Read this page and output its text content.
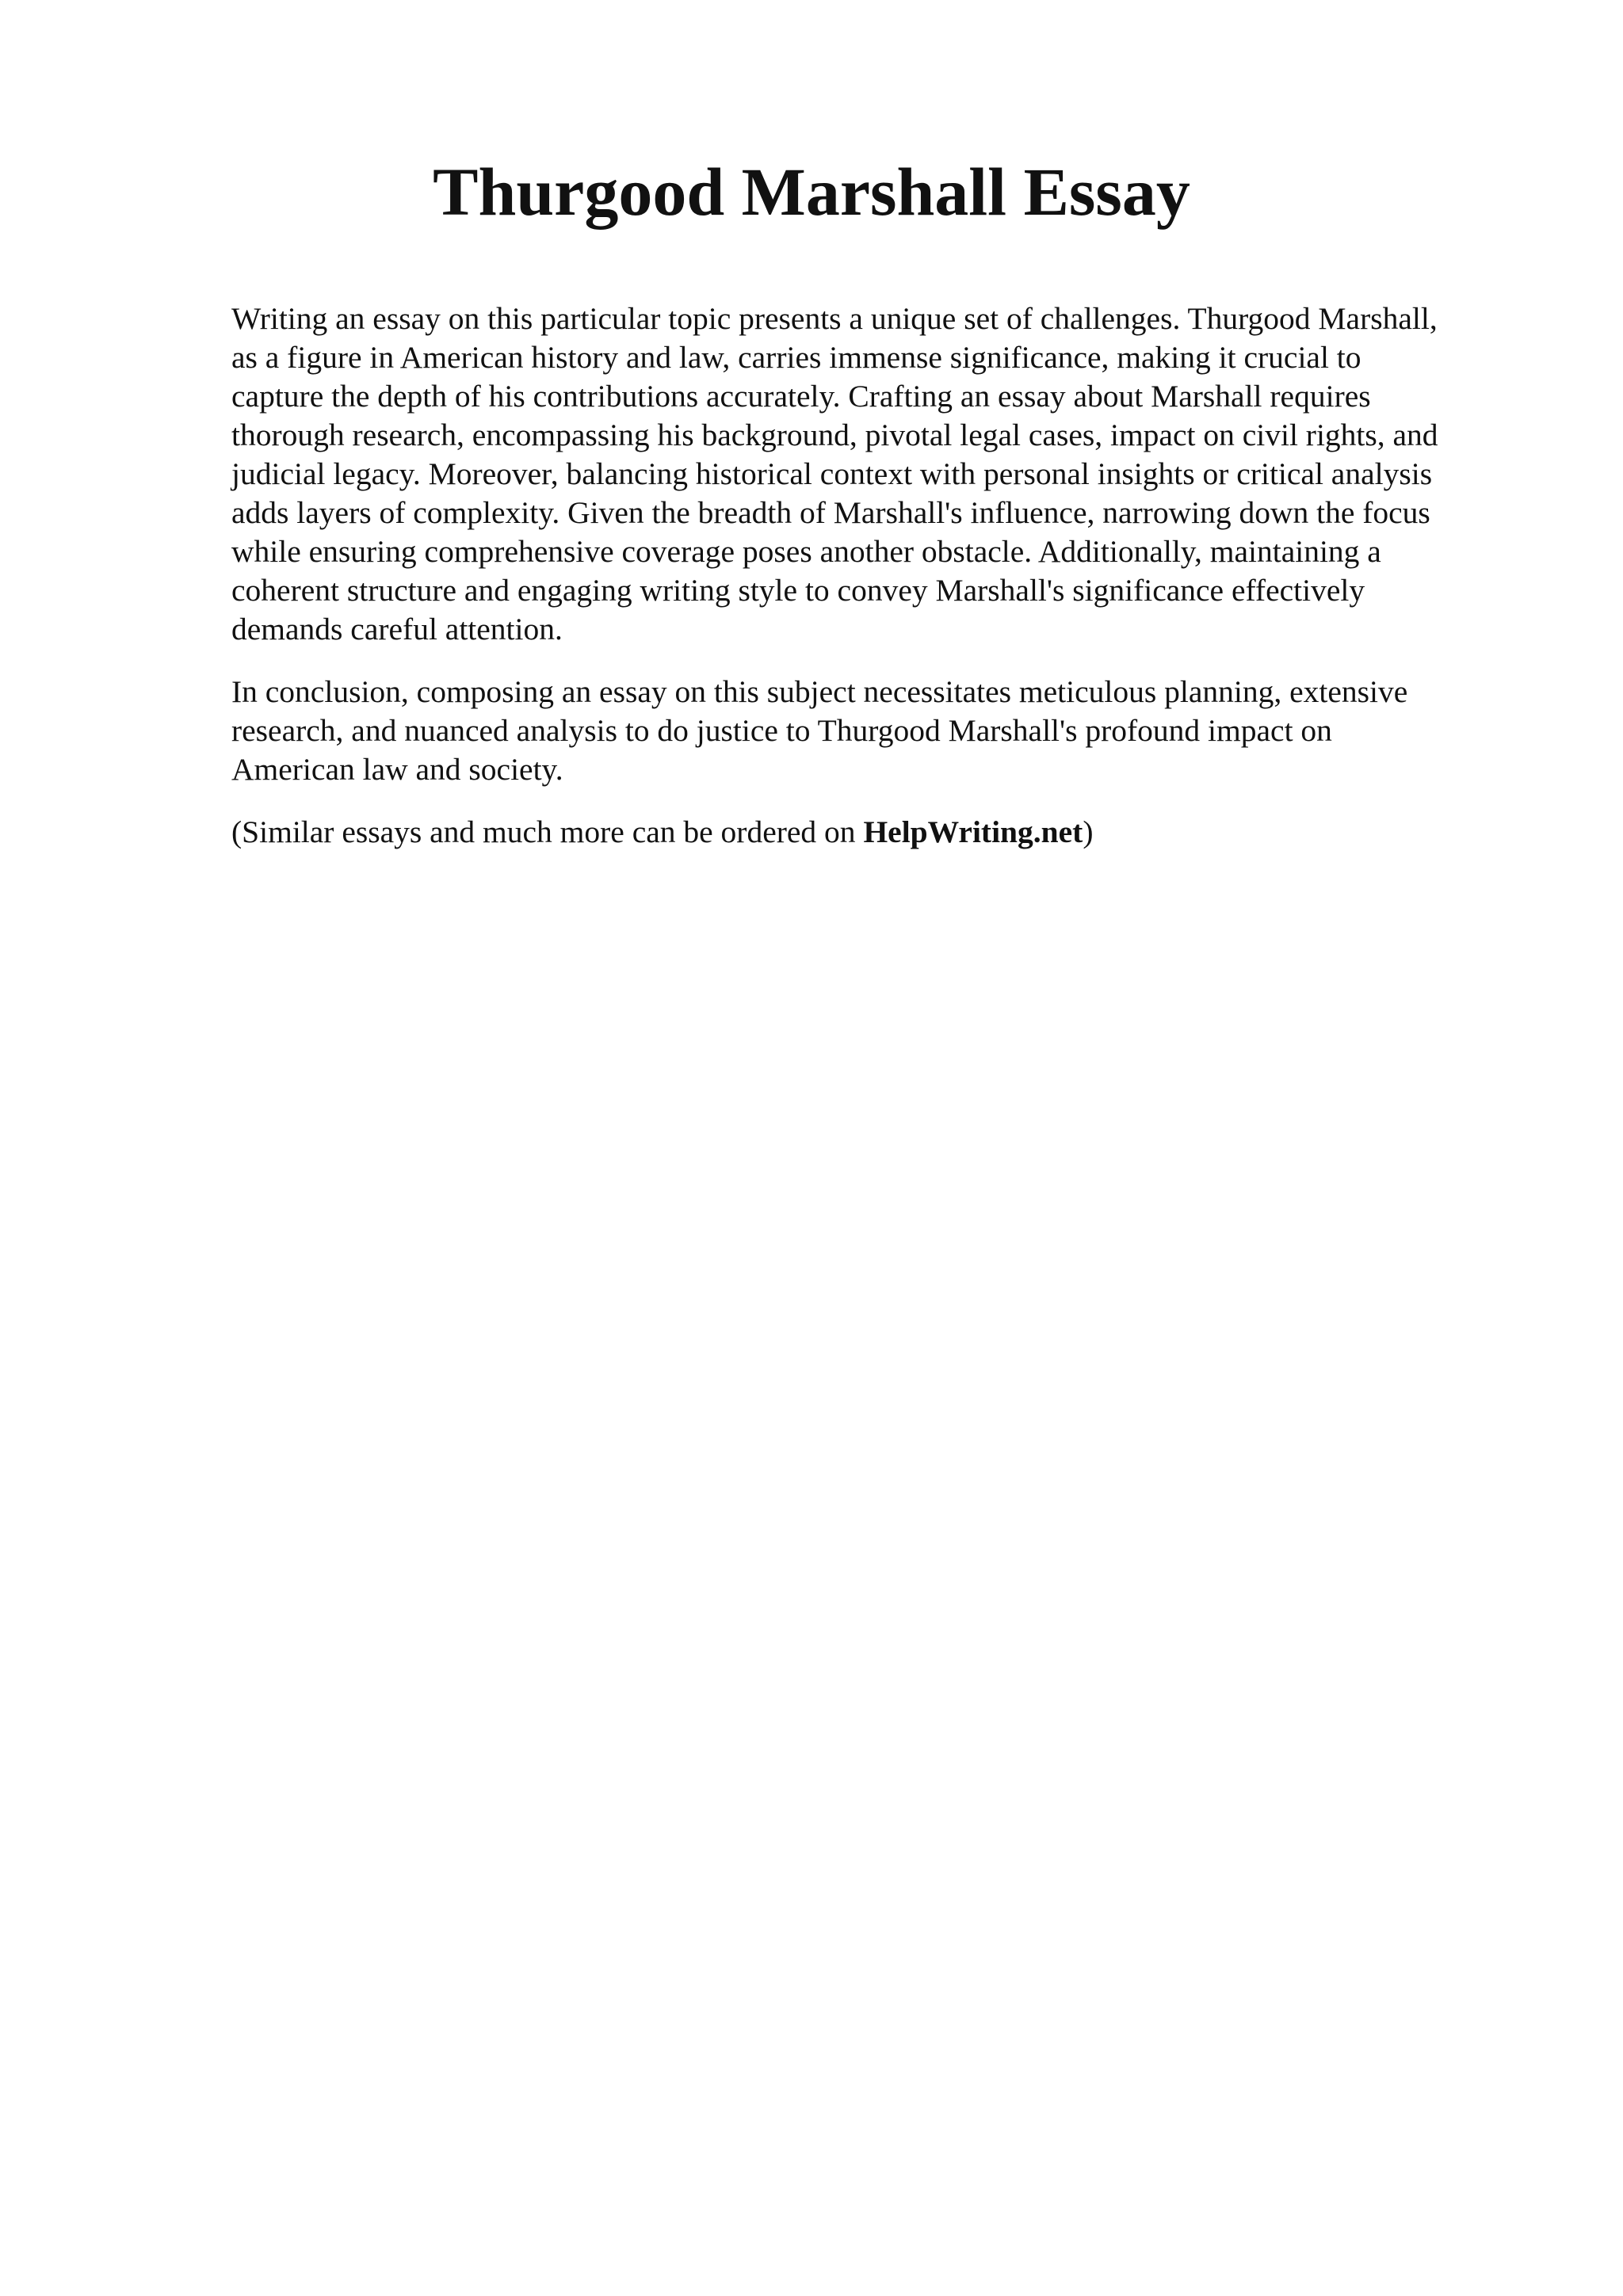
Thurgood Marshall Essay

Writing an essay on this particular topic presents a unique set of challenges. Thurgood Marshall,
as a figure in American history and law, carries immense significance, making it crucial to
capture the depth of his contributions accurately. Crafting an essay about Marshall requires
thorough research, encompassing his background, pivotal legal cases, impact on civil rights, and
judicial legacy. Moreover, balancing historical context with personal insights or critical analysis
adds layers of complexity. Given the breadth of Marshall's influence, narrowing down the focus
while ensuring comprehensive coverage poses another obstacle. Additionally, maintaining a
coherent structure and engaging writing style to convey Marshall's significance effectively
demands careful attention.

In conclusion, composing an essay on this subject necessitates meticulous planning, extensive
research, and nuanced analysis to do justice to Thurgood Marshall's profound impact on
American law and society.

(Similar essays and much more can be ordered on HelpWriting.net)
